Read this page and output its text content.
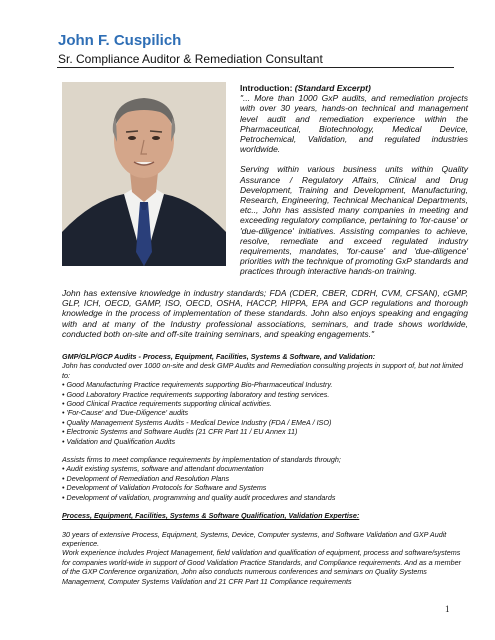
John F. Cuspilich

Sr. Compliance Auditor & Remediation Consultant

Introduction: (Standard Excerpt)

"... More than 1000 GxP audits, and remediation projects with over 30 years, hands-on technical and management level audit and remediation experience within the Pharmaceutical, Biotechnology, Medical Device, Petrochemical, Validation, and regulated industries worldwide.

Serving within various business units within Quality Assurance / Regulatory Affairs, Clinical and Drug Development, Training and Development, Manufacturing, Research, Engineering, Technical Mechanical Departments, etc.., John has assisted many companies in meeting and exceeding regulatory compliance, pertaining to 'for-cause' or 'due-diligence' initiatives. Assisting companies to achieve, resolve, remediate and exceed regulated industry requirements, mandates, 'for-cause' and 'due-diligence' priorities with the technique of promoting GxP standards and practices through interactive hands-on training.

John has extensive knowledge in industry standards; FDA (CDER, CBER, CDRH, CVM, CFSAN), cGMP, GLP, ICH, OECD, GAMP, ISO, OECD, OSHA, HACCP, HIPPA, EPA and GCP regulations and thorough knowledge in the process of implementation of these standards. John also enjoys speaking and engaging with and at many of the Industry professional associations, seminars, and trade shows worldwide, conducted both on-site and off-site training seminars, and speaking engagements."

GMP/GLP/GCP Audits - Process, Equipment, Facilities, Systems & Software, and Validation:

John has conducted over 1000 on-site and desk GMP Audits and Remediation consulting projects in support of, but not limited to:

• Good Manufacturing Practice requirements supporting Bio-Pharmaceutical Industry.
• Good Laboratory Practice requirements supporting laboratory and testing services.
• Good Clinical Practice requirements supporting clinical activities.
• 'For-Cause' and 'Due-Diligence' audits
• Quality Management Systems Audits - Medical Device Industry (FDA / EMeA / ISO)
• Electronic Systems and Software Audits (21 CFR Part 11 / EU Annex 11)
• Validation and Qualification Audits

Assists firms to meet compliance requirements by implementation of standards through;

• Audit existing systems, software and attendant documentation
• Development of Remediation and Resolution Plans
• Development of Validation Protocols for Software and Systems
• Development of validation, programming and quality audit procedures and standards

Process, Equipment, Facilities, Systems & Software Qualification, Validation Expertise:

30 years of extensive Process, Equipment, Systems, Device, Computer systems, and Software Validation and GXP Audit experience.

Work experience includes Project Management, field validation and qualification of equipment, process and software/systems for companies world-wide in support of Good Validation Practice Standards, and Compliance requirements. And as a member of the GXP Conference organization, John also conducts numerous conferences and seminars on Quality Systems Management, Computer Systems Validation and 21 CFR Part 11 Compliance requirements

1
